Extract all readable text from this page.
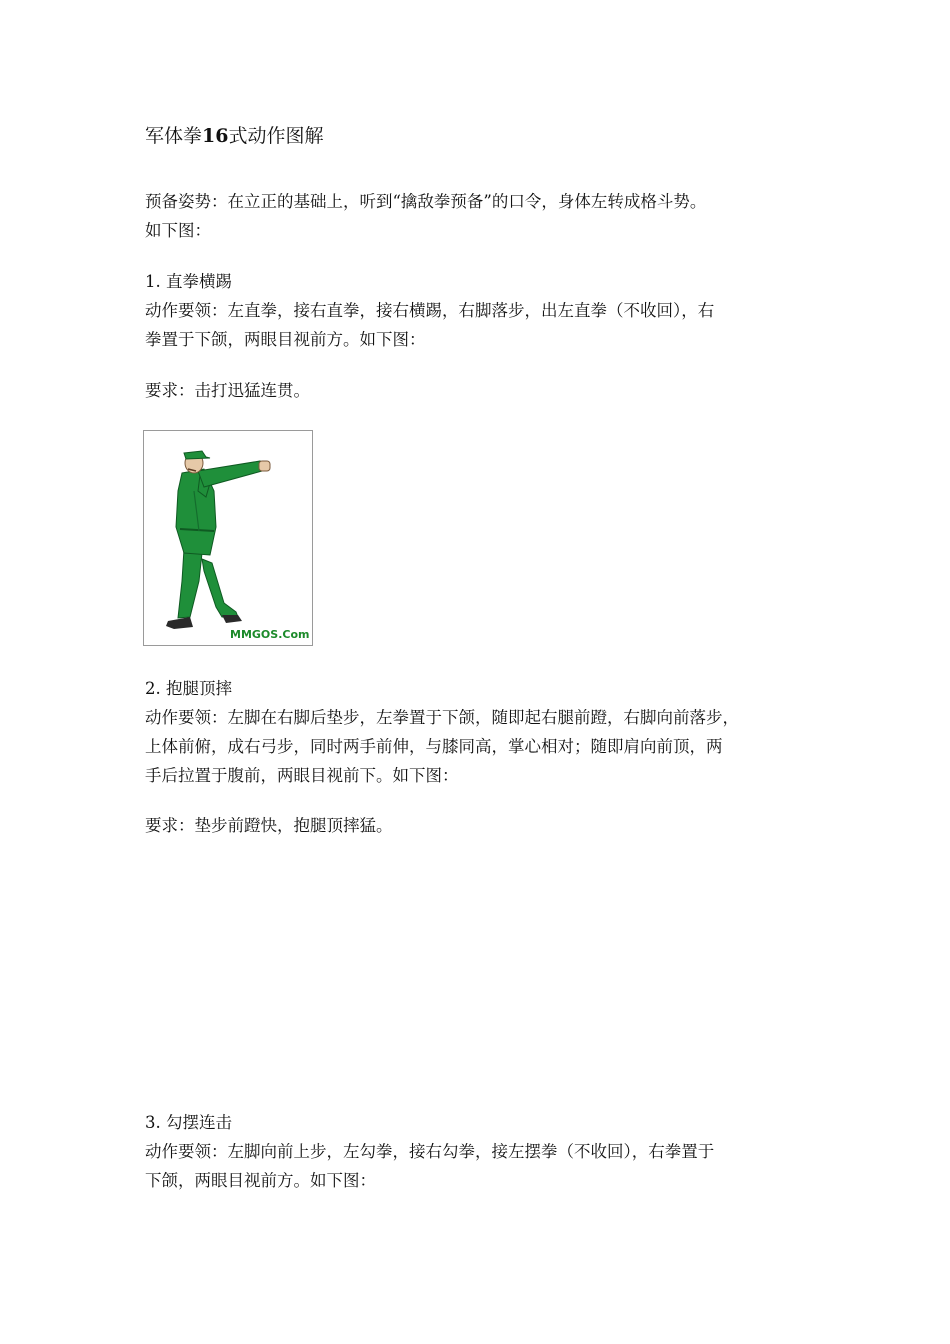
军体拳16式动作图解
预备姿势：在立正的基础上，听到“擒敌拳预备”的口令，身体左转成格斗势。
如下图：
1. 直拳横踢
动作要领：左直拳，接右直拳，接右横踢，右脚落步，出左直拳（不收回），右
拳置于下颌，两眼目视前方。如下图：
要求：击打迅猛连贯。
MMGOS.Com
2. 抱腿顶摔
动作要领：左脚在右脚后垫步，左拳置于下颌，随即起右腿前蹬，右脚向前落步，
上体前俯，成右弓步，同时两手前伸，与膝同高，掌心相对；随即肩向前顶，两
手后拉置于腹前，两眼目视前下。如下图：
要求：垫步前蹬快，抱腿顶摔猛。
3. 勾摆连击
动作要领：左脚向前上步，左勾拳，接右勾拳，接左摆拳（不收回），右拳置于
下颌，两眼目视前方。如下图：
